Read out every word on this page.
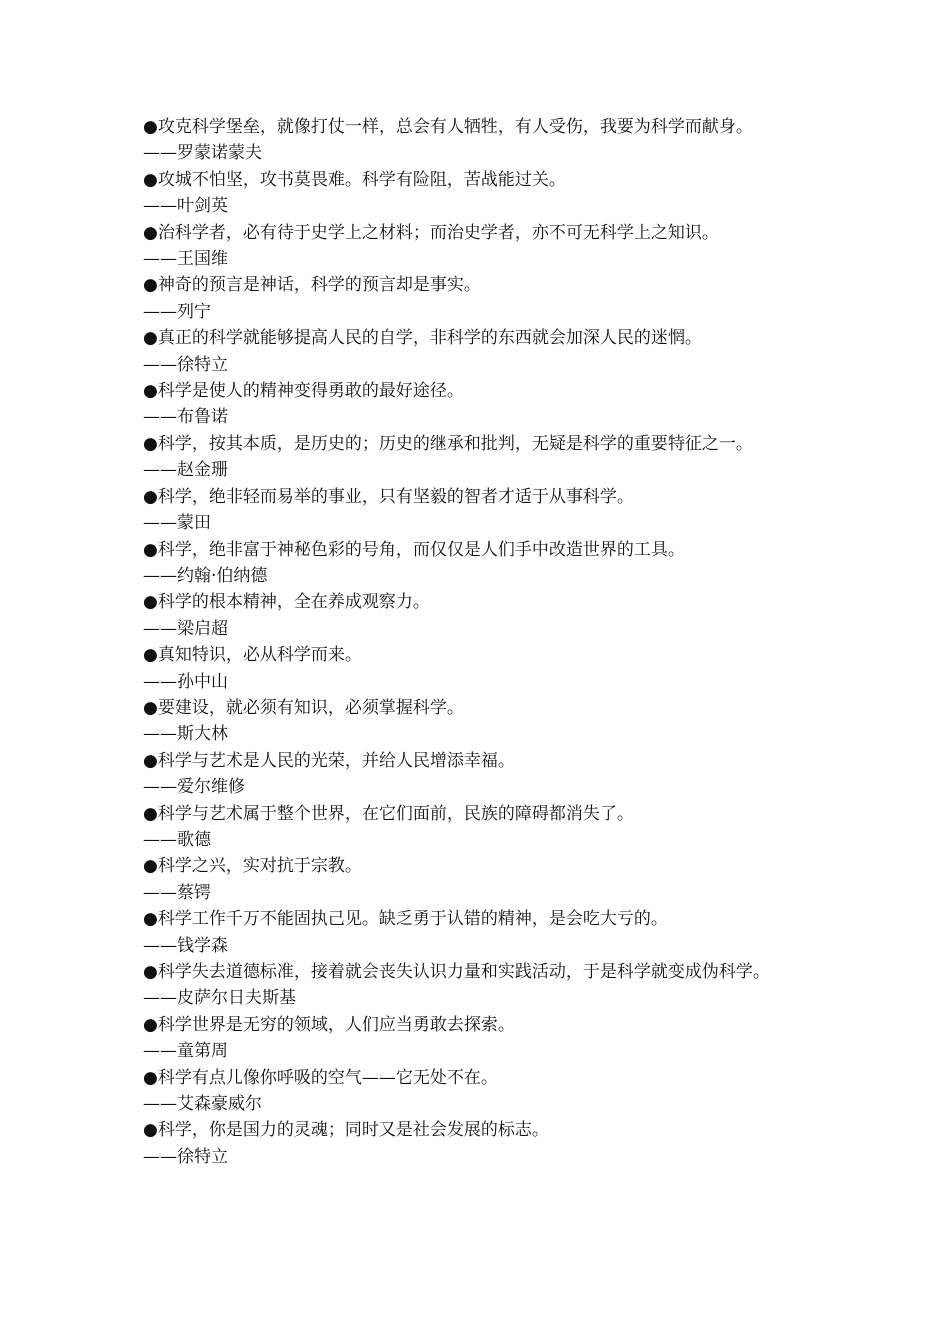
●攻克科学堡垒，就像打仗一样，总会有人牺牲，有人受伤，我要为科学而献身。
——罗蒙诺蒙夫
●攻城不怕坚，攻书莫畏难。科学有险阻，苦战能过关。
——叶剑英
●治科学者，必有待于史学上之材料；而治史学者，亦不可无科学上之知识。
——王国维
●神奇的预言是神话，科学的预言却是事实。
——列宁
●真正的科学就能够提高人民的自学，非科学的东西就会加深人民的迷惘。
——徐特立
●科学是使人的精神变得勇敢的最好途径。
——布鲁诺
●科学，按其本质，是历史的；历史的继承和批判，无疑是科学的重要特征之一。
——赵金珊
●科学，绝非轻而易举的事业，只有坚毅的智者才适于从事科学。
——蒙田
●科学，绝非富于神秘色彩的号角，而仅仅是人们手中改造世界的工具。
——约翰·伯纳德
●科学的根本精神，全在养成观察力。
——梁启超
●真知特识，必从科学而来。
——孙中山
●要建设，就必须有知识，必须掌握科学。
——斯大林
●科学与艺术是人民的光荣，并给人民增添幸福。
——爱尔维修
●科学与艺术属于整个世界，在它们面前，民族的障碍都消失了。
——歌德
●科学之兴，实对抗于宗教。
——蔡锷
●科学工作千万不能固执己见。缺乏勇于认错的精神，是会吃大亏的。
——钱学森
●科学失去道德标准，接着就会丧失认识力量和实践活动，于是科学就变成伪科学。
——皮萨尔日夫斯基
●科学世界是无穷的领域，人们应当勇敢去探索。
——童第周
●科学有点儿像你呼吸的空气——它无处不在。
——艾森豪威尔
●科学，你是国力的灵魂；同时又是社会发展的标志。
——徐特立
